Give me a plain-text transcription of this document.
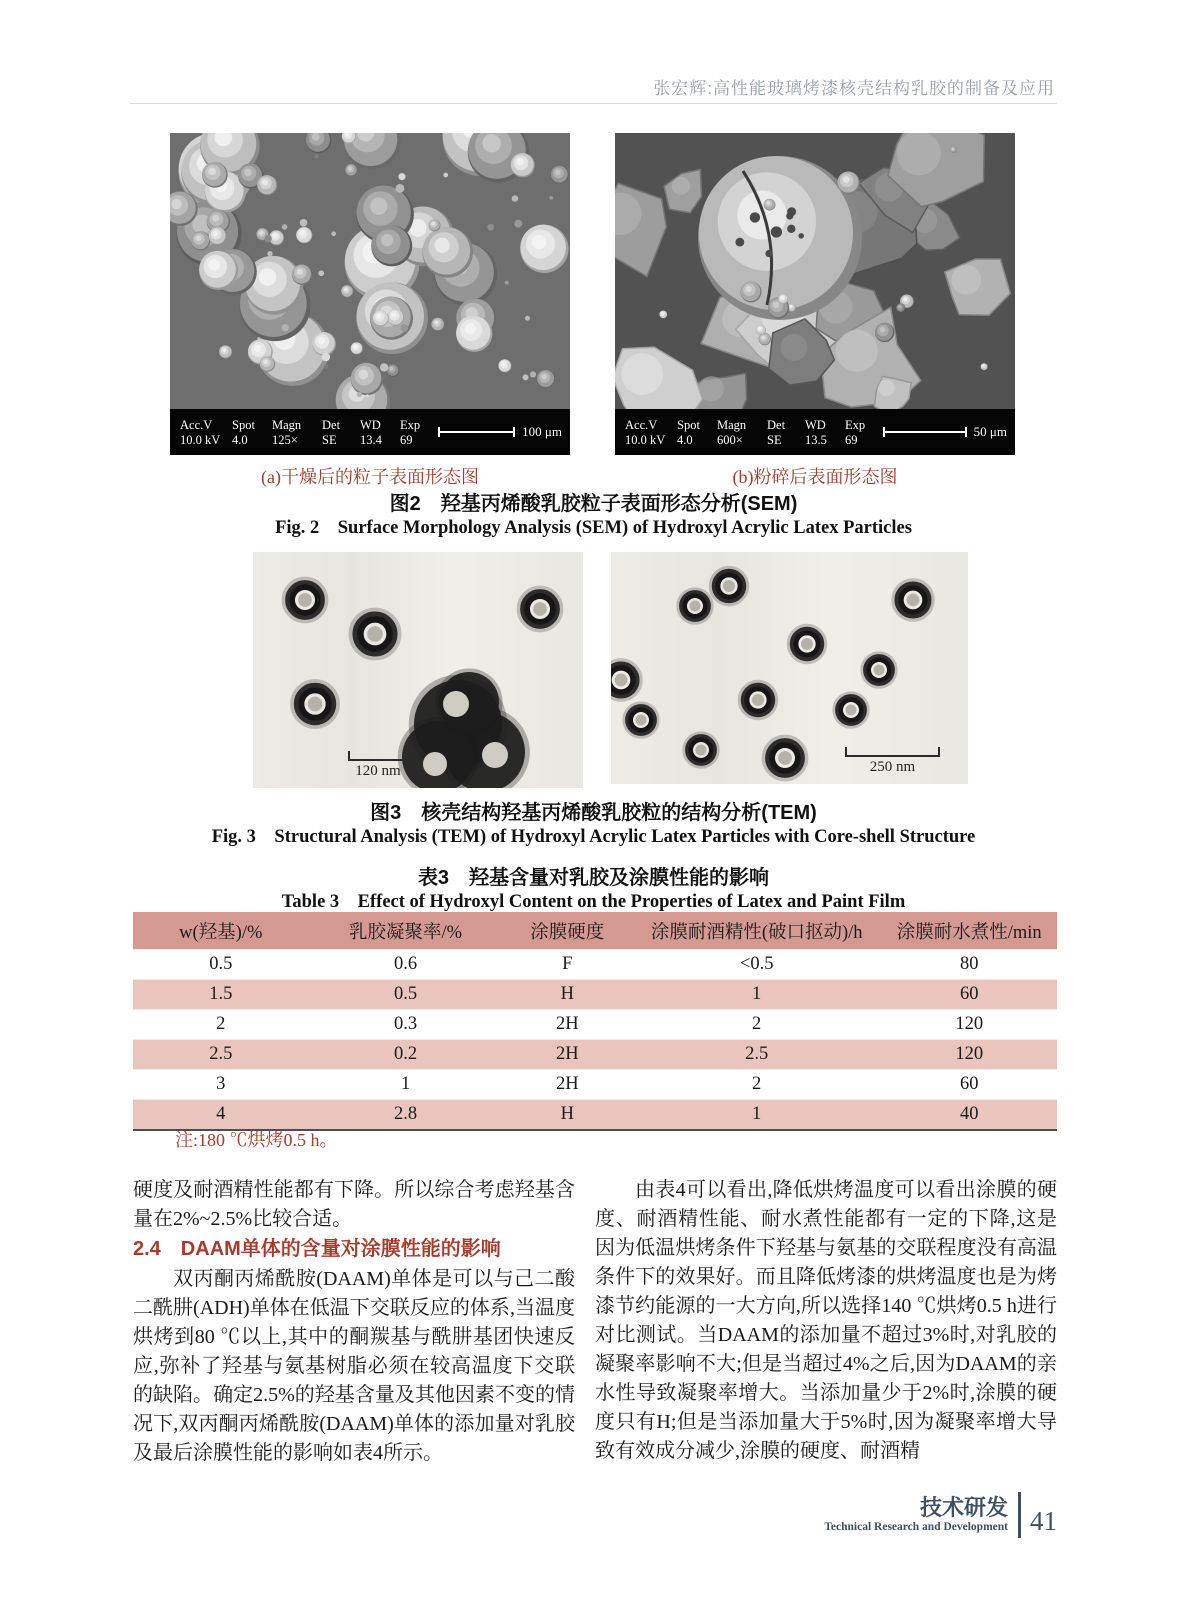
张宏辉:高性能玻璃烤漆核壳结构乳胶的制备及应用
Acc.V	Spot	Magn	Det	WD	Exp
10.0 kV 4.0	125×	SE	13.4	69
100 μm	Acc.V	Spot	Magn	Det	WD	Exp
10.0 kV 4.0	600×	SE	13.5	69
50 μm
(a)干燥后的粒子表面形态图	(b)粉碎后表面形态图
图2　羟基丙烯酸乳胶粒子表面形态分析(SEM)
Fig. 2　Surface Morphology Analysis (SEM) of Hydroxyl Acrylic Latex Particles
120 nm	250 nm
图3　核壳结构羟基丙烯酸乳胶粒的结构分析(TEM)
Fig. 3　Structural Analysis (TEM) of Hydroxyl Acrylic Latex Particles with Core-shell Structure
表3　羟基含量对乳胶及涂膜性能的影响
Table 3　Effect of Hydroxyl Content on the Properties of Latex and Paint Film
w(羟基)/%	乳胶凝聚率/%	涂膜硬度	涂膜耐酒精性(破口抠动)/h	涂膜耐水煮性/min
0.5	0.6	F	<0.5	80
1.5	0.5	H	1	60
2	0.3	2H	2	120
2.5	0.2	2H	2.5	120
3	1	2H	2	60
4	2.8	H	1	40
注:180 ℃烘烤0.5 h。

硬度及耐酒精性能都有下降。所以综合考虑羟基含量在2%~2.5%比较合适。

2.4　DAAM单体的含量对涂膜性能的影响

双丙酮丙烯酰胺(DAAM)单体是可以与己二酸二酰肼(ADH)单体在低温下交联反应的体系,当温度烘烤到80 ℃以上,其中的酮羰基与酰肼基团快速反应,弥补了羟基与氨基树脂必须在较高温度下交联的缺陷。确定2.5%的羟基含量及其他因素不变的情况下,双丙酮丙烯酰胺(DAAM)单体的添加量对乳胶及最后涂膜性能的影响如表4所示。

由表4可以看出,降低烘烤温度可以看出涂膜的硬度、耐酒精性能、耐水煮性能都有一定的下降,这是因为低温烘烤条件下羟基与氨基的交联程度没有高温条件下的效果好。而且降低烤漆的烘烤温度也是为烤漆节约能源的一大方向,所以选择140 ℃烘烤0.5 h进行对比测试。当DAAM的添加量不超过3%时,对乳胶的凝聚率影响不大;但是当超过4%之后,因为DAAM的亲水性导致凝聚率增大。当添加量少于2%时,涂膜的硬度只有H;但是当添加量大于5%时,因为凝聚率增大导致有效成分减少,涂膜的硬度、耐酒精

技术研发
Technical Research and Development 41
